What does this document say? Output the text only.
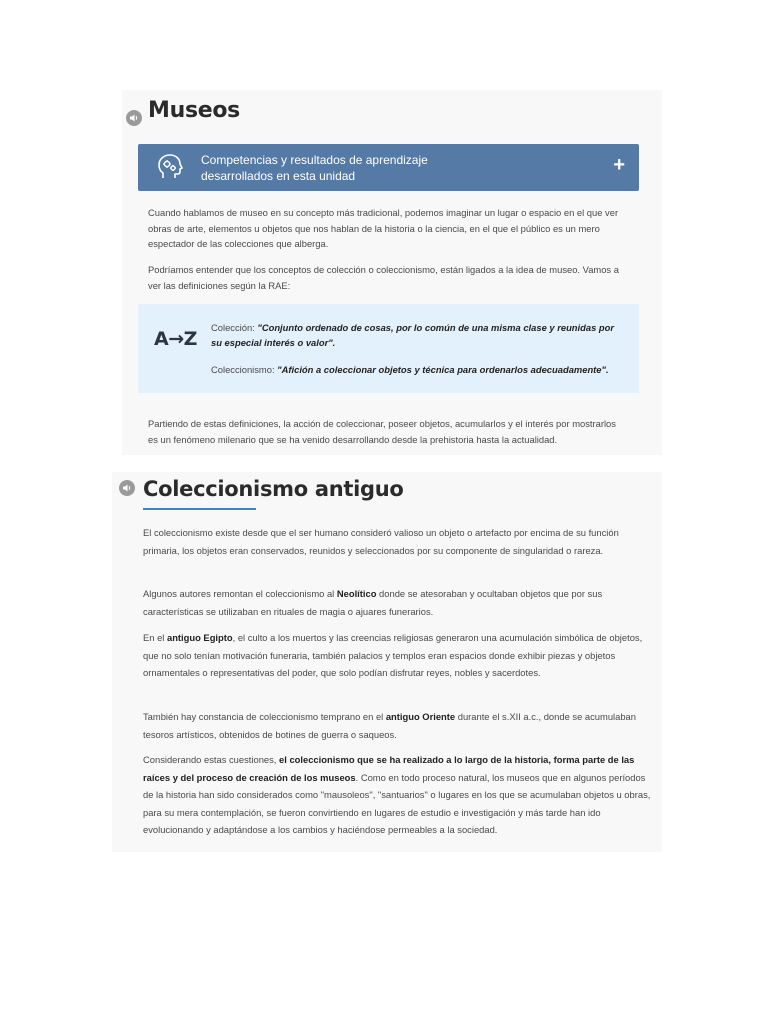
Museos
Competencias y resultados de aprendizaje
desarrollados en esta unidad	+

Cuando hablamos de museo en su concepto más tradicional, podemos imaginar un lugar o espacio en el que ver obras de arte, elementos u objetos que nos hablan de la historia o la ciencia, en el que el público es un mero espectador de las colecciones que alberga.

Podríamos entender que los conceptos de colección o coleccionismo, están ligados a la idea de museo. Vamos a ver las definiciones según la RAE:

A→Z
Colección: "Conjunto ordenado de cosas, por lo común de una misma clase y reunidas por su especial interés o valor".
Coleccionismo: "Afición a coleccionar objetos y técnica para ordenarlos adecuadamente".

Partiendo de estas definiciones, la acción de coleccionar, poseer objetos, acumularlos y el interés por mostrarlos es un fenómeno milenario que se ha venido desarrollando desde la prehistoria hasta la actualidad.

Coleccionismo antiguo

El coleccionismo existe desde que el ser humano consideró valioso un objeto o artefacto por encima de su función primaria, los objetos eran conservados, reunidos y seleccionados por su componente de singularidad o rareza.

Algunos autores remontan el coleccionismo al Neolítico donde se atesoraban y ocultaban objetos que por sus características se utilizaban en rituales de magia o ajuares funerarios.

En el antiguo Egipto, el culto a los muertos y las creencias religiosas generaron una acumulación simbólica de objetos, que no solo tenían motivación funeraria, también palacios y templos eran espacios donde exhibir piezas y objetos ornamentales o representativas del poder, que solo podían disfrutar reyes, nobles y sacerdotes.

También hay constancia de coleccionismo temprano en el antiguo Oriente durante el s.XII a.c., donde se acumulaban tesoros artísticos, obtenidos de botines de guerra o saqueos.

Considerando estas cuestiones, el coleccionismo que se ha realizado a lo largo de la historia, forma parte de las raíces y del proceso de creación de los museos. Como en todo proceso natural, los museos que en algunos períodos de la historia han sido considerados como "mausoleos", "santuarios" o lugares en los que se acumulaban objetos u obras, para su mera contemplación, se fueron convirtiendo en lugares de estudio e investigación y más tarde han ido evolucionando y adaptándose a los cambios y haciéndose permeables a la sociedad.
